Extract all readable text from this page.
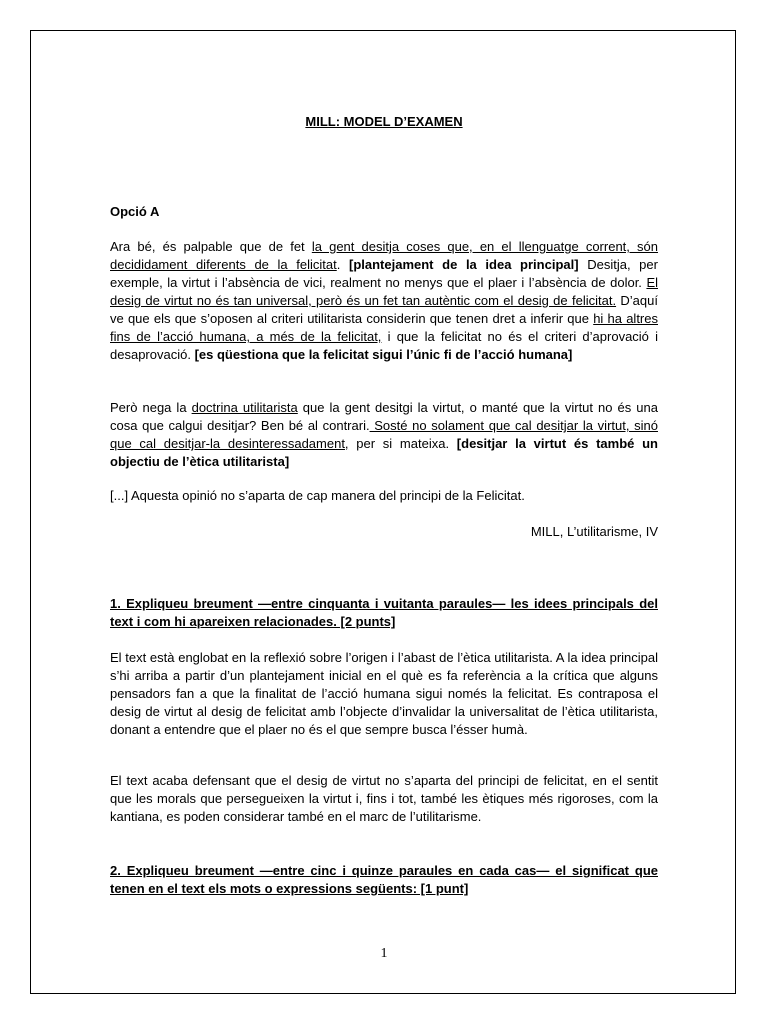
MILL: MODEL D’EXAMEN
Opció A

Ara bé, és palpable que de fet la gent desitja coses que, en el llenguatge corrent, són decididament diferents de la felicitat. [plantejament de la idea principal] Desitja, per exemple, la virtut i l’absència de vici, realment no menys que el plaer i l’absència de dolor. El desig de virtut no és tan universal, però és un fet tan autèntic com el desig de felicitat. D’aquí ve que els que s’oposen al criteri utilitarista considerin que tenen dret a inferir que hi ha altres fins de l’acció humana, a més de la felicitat, i que la felicitat no és el criteri d’aprovació i desaprovació. [es qüestiona que la felicitat sigui l’únic fi de l’acció humana]

Però nega la doctrina utilitarista que la gent desitgi la virtut, o manté que la virtut no és una cosa que calgui desitjar? Ben bé al contrari. Sosté no solament que cal desitjar la virtut, sinó que cal desitjar-la desinteressadament, per si mateixa. [desitjar la virtut és també un objectiu de l’ètica utilitarista]

[...] Aquesta opinió no s’aparta de cap manera del principi de la Felicitat.

MILL, L’utilitarisme, IV

1. Expliqueu breument —entre cinquanta i vuitanta paraules— les idees principals del text i com hi apareixen relacionades. [2 punts]

El text està englobat en la reflexió sobre l’origen i l’abast de l’ètica utilitarista. A la idea principal s’hi arriba a partir d’un plantejament inicial en el què es fa referència a la crítica que alguns pensadors fan a que la finalitat de l’acció humana sigui només la felicitat. Es contraposa el desig de virtut al desig de felicitat amb l’objecte d’invalidar la universalitat de l’ètica utilitarista, donant a entendre que el plaer no és el que sempre busca l’ésser humà.

El text acaba defensant que el desig de virtut no s’aparta del principi de felicitat, en el sentit que les morals que persegueixen la virtut i, fins i tot, també les ètiques més rigoroses, com la kantiana, es poden considerar també en el marc de l’utilitarisme.

2. Expliqueu breument —entre cinc i quinze paraules en cada cas— el significat que tenen en el text els mots o expressions següents: [1 punt]

1
